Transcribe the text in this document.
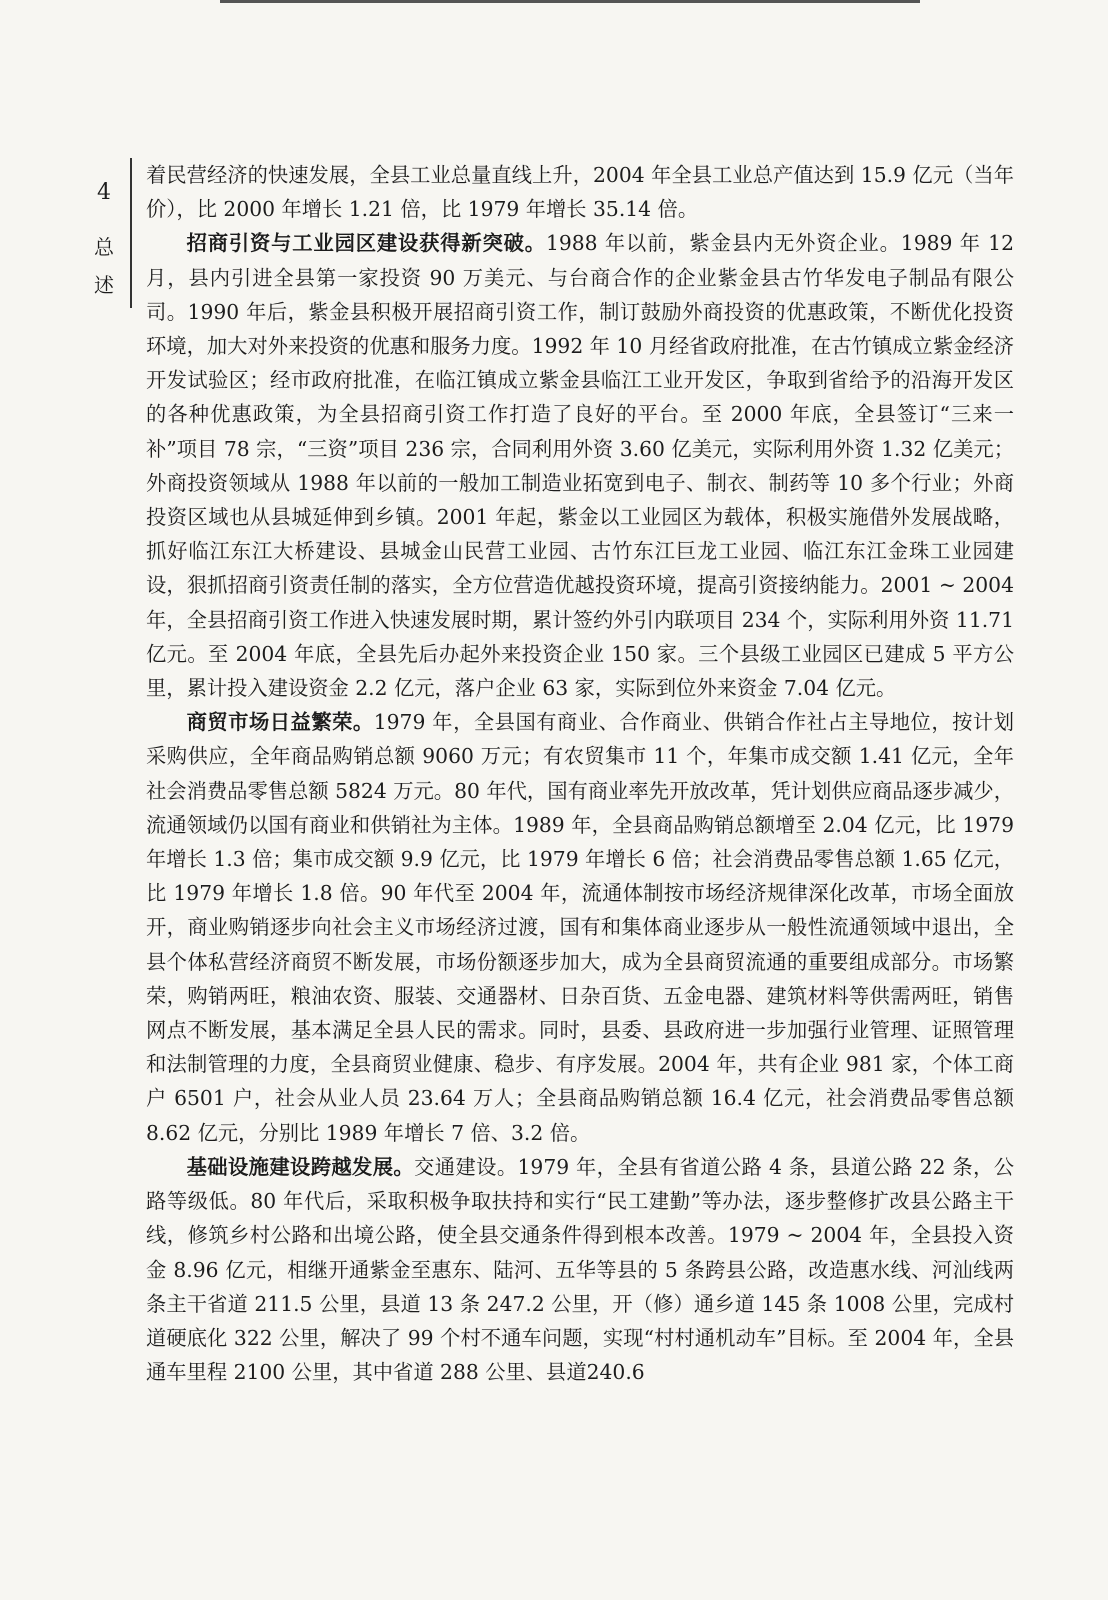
4
总
述

着民营经济的快速发展，全县工业总量直线上升，2004 年全县工业总产值达到 15.9 亿元（当年价），比 2000 年增长 1.21 倍，比 1979 年增长 35.14 倍。

招商引资与工业园区建设获得新突破。1988 年以前，紫金县内无外资企业。1989 年 12 月，县内引进全县第一家投资 90 万美元、与台商合作的企业紫金县古竹华发电子制品有限公司。1990 年后，紫金县积极开展招商引资工作，制订鼓励外商投资的优惠政策，不断优化投资环境，加大对外来投资的优惠和服务力度。1992 年 10 月经省政府批准，在古竹镇成立紫金经济开发试验区；经市政府批准，在临江镇成立紫金县临江工业开发区，争取到省给予的沿海开发区的各种优惠政策，为全县招商引资工作打造了良好的平台。至 2000 年底，全县签订“三来一补”项目 78 宗，“三资”项目 236 宗，合同利用外资 3.60 亿美元，实际利用外资 1.32 亿美元；外商投资领域从 1988 年以前的一般加工制造业拓宽到电子、制衣、制药等 10 多个行业；外商投资区域也从县城延伸到乡镇。2001 年起，紫金以工业园区为载体，积极实施借外发展战略，抓好临江东江大桥建设、县城金山民营工业园、古竹东江巨龙工业园、临江东江金珠工业园建设，狠抓招商引资责任制的落实，全方位营造优越投资环境，提高引资接纳能力。2001 ~ 2004 年，全县招商引资工作进入快速发展时期，累计签约外引内联项目 234 个，实际利用外资 11.71 亿元。至 2004 年底，全县先后办起外来投资企业 150 家。三个县级工业园区已建成 5 平方公里，累计投入建设资金 2.2 亿元，落户企业 63 家，实际到位外来资金 7.04 亿元。

商贸市场日益繁荣。1979 年，全县国有商业、合作商业、供销合作社占主导地位，按计划采购供应，全年商品购销总额 9060 万元；有农贸集市 11 个，年集市成交额 1.41 亿元，全年社会消费品零售总额 5824 万元。80 年代，国有商业率先开放改革，凭计划供应商品逐步减少，流通领域仍以国有商业和供销社为主体。1989 年，全县商品购销总额增至 2.04 亿元，比 1979 年增长 1.3 倍；集市成交额 9.9 亿元，比 1979 年增长 6 倍；社会消费品零售总额 1.65 亿元，比 1979 年增长 1.8 倍。90 年代至 2004 年，流通体制按市场经济规律深化改革，市场全面放开，商业购销逐步向社会主义市场经济过渡，国有和集体商业逐步从一般性流通领域中退出，全县个体私营经济商贸不断发展，市场份额逐步加大，成为全县商贸流通的重要组成部分。市场繁荣，购销两旺，粮油农资、服装、交通器材、日杂百货、五金电器、建筑材料等供需两旺，销售网点不断发展，基本满足全县人民的需求。同时，县委、县政府进一步加强行业管理、证照管理和法制管理的力度，全县商贸业健康、稳步、有序发展。2004 年，共有企业 981 家，个体工商户 6501 户，社会从业人员 23.64 万人；全县商品购销总额 16.4 亿元，社会消费品零售总额 8.62 亿元，分别比 1989 年增长 7 倍、3.2 倍。

基础设施建设跨越发展。交通建设。1979 年，全县有省道公路 4 条，县道公路 22 条，公路等级低。80 年代后，采取积极争取扶持和实行“民工建勤”等办法，逐步整修扩改县公路主干线，修筑乡村公路和出境公路，使全县交通条件得到根本改善。1979 ~ 2004 年，全县投入资金 8.96 亿元，相继开通紫金至惠东、陆河、五华等县的 5 条跨县公路，改造惠水线、河汕线两条主干省道 211.5 公里，县道 13 条 247.2 公里，开（修）通乡道 145 条 1008 公里，完成村道硬底化 322 公里，解决了 99 个村不通车问题，实现“村村通机动车”目标。至 2004 年，全县通车里程 2100 公里，其中省道 288 公里、县道240.6
